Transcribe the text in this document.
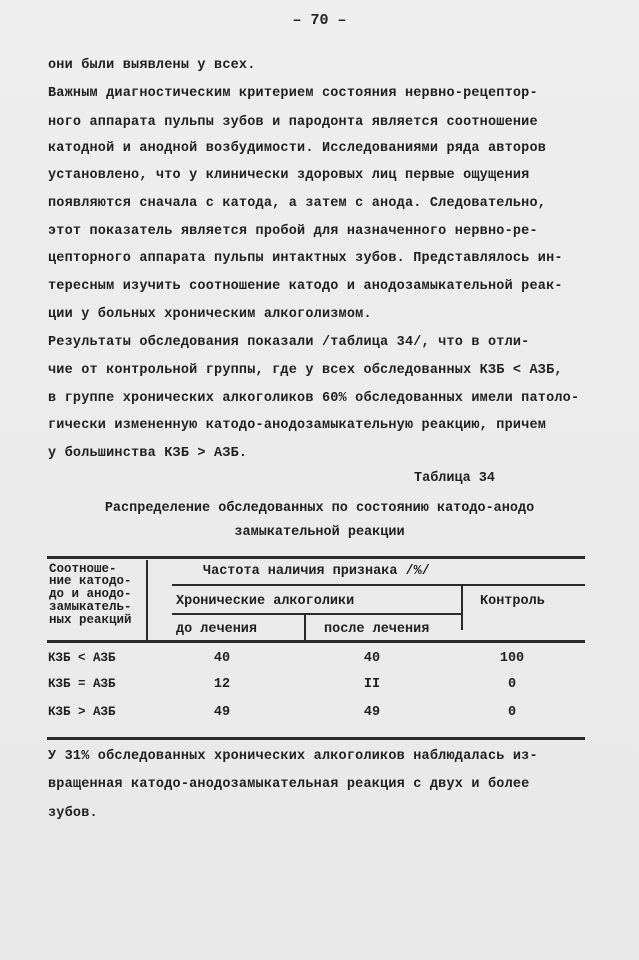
– 70 –
они были выявлены у всех.
Важным диагностическим критерием состояния нервно-рецептор-
ного аппарата пульпы зубов и пародонта является соотношение
катодной и анодной возбудимости. Исследованиями ряда авторов
установлено, что у клинически здоровых лиц первые ощущения
появляются сначала с катода, а затем с анода. Следовательно,
этот показатель является пробой для назначенного нервно-ре-
цепторного аппарата пульпы интактных зубов. Представлялось ин-
тересным изучить соотношение катодо и анодозамыкательной реак-
ции у больных хроническим алкоголизмом.
Результаты обследования показали /таблица 34/, что в отли-
чие от контрольной группы, где у всех обследованных КЗБ < АЗБ,
в группе хронических алкоголиков 60% обследованных имели патоло-
гически измененную катодо-анодозамыкательную реакцию, причем
у большинства КЗБ > АЗБ.
Таблица 34
Распределение обследованных по состоянию катодо-анодо
замыкательной реакции
Соотноше-
ние катодо-
до и анодо-
замыкатель-
ных реакций
Частота наличия признака /%/
Хронические алкоголики	Контроль
до лечения	после лечения
КЗБ < АЗБ	40	40	100
КЗБ = АЗБ	12	II	0
КЗБ > АЗБ	49	49	0
У 31% обследованных хронических алкоголиков наблюдалась из-
вращенная катодо-анодозамыкательная реакция с двух и более
зубов.
